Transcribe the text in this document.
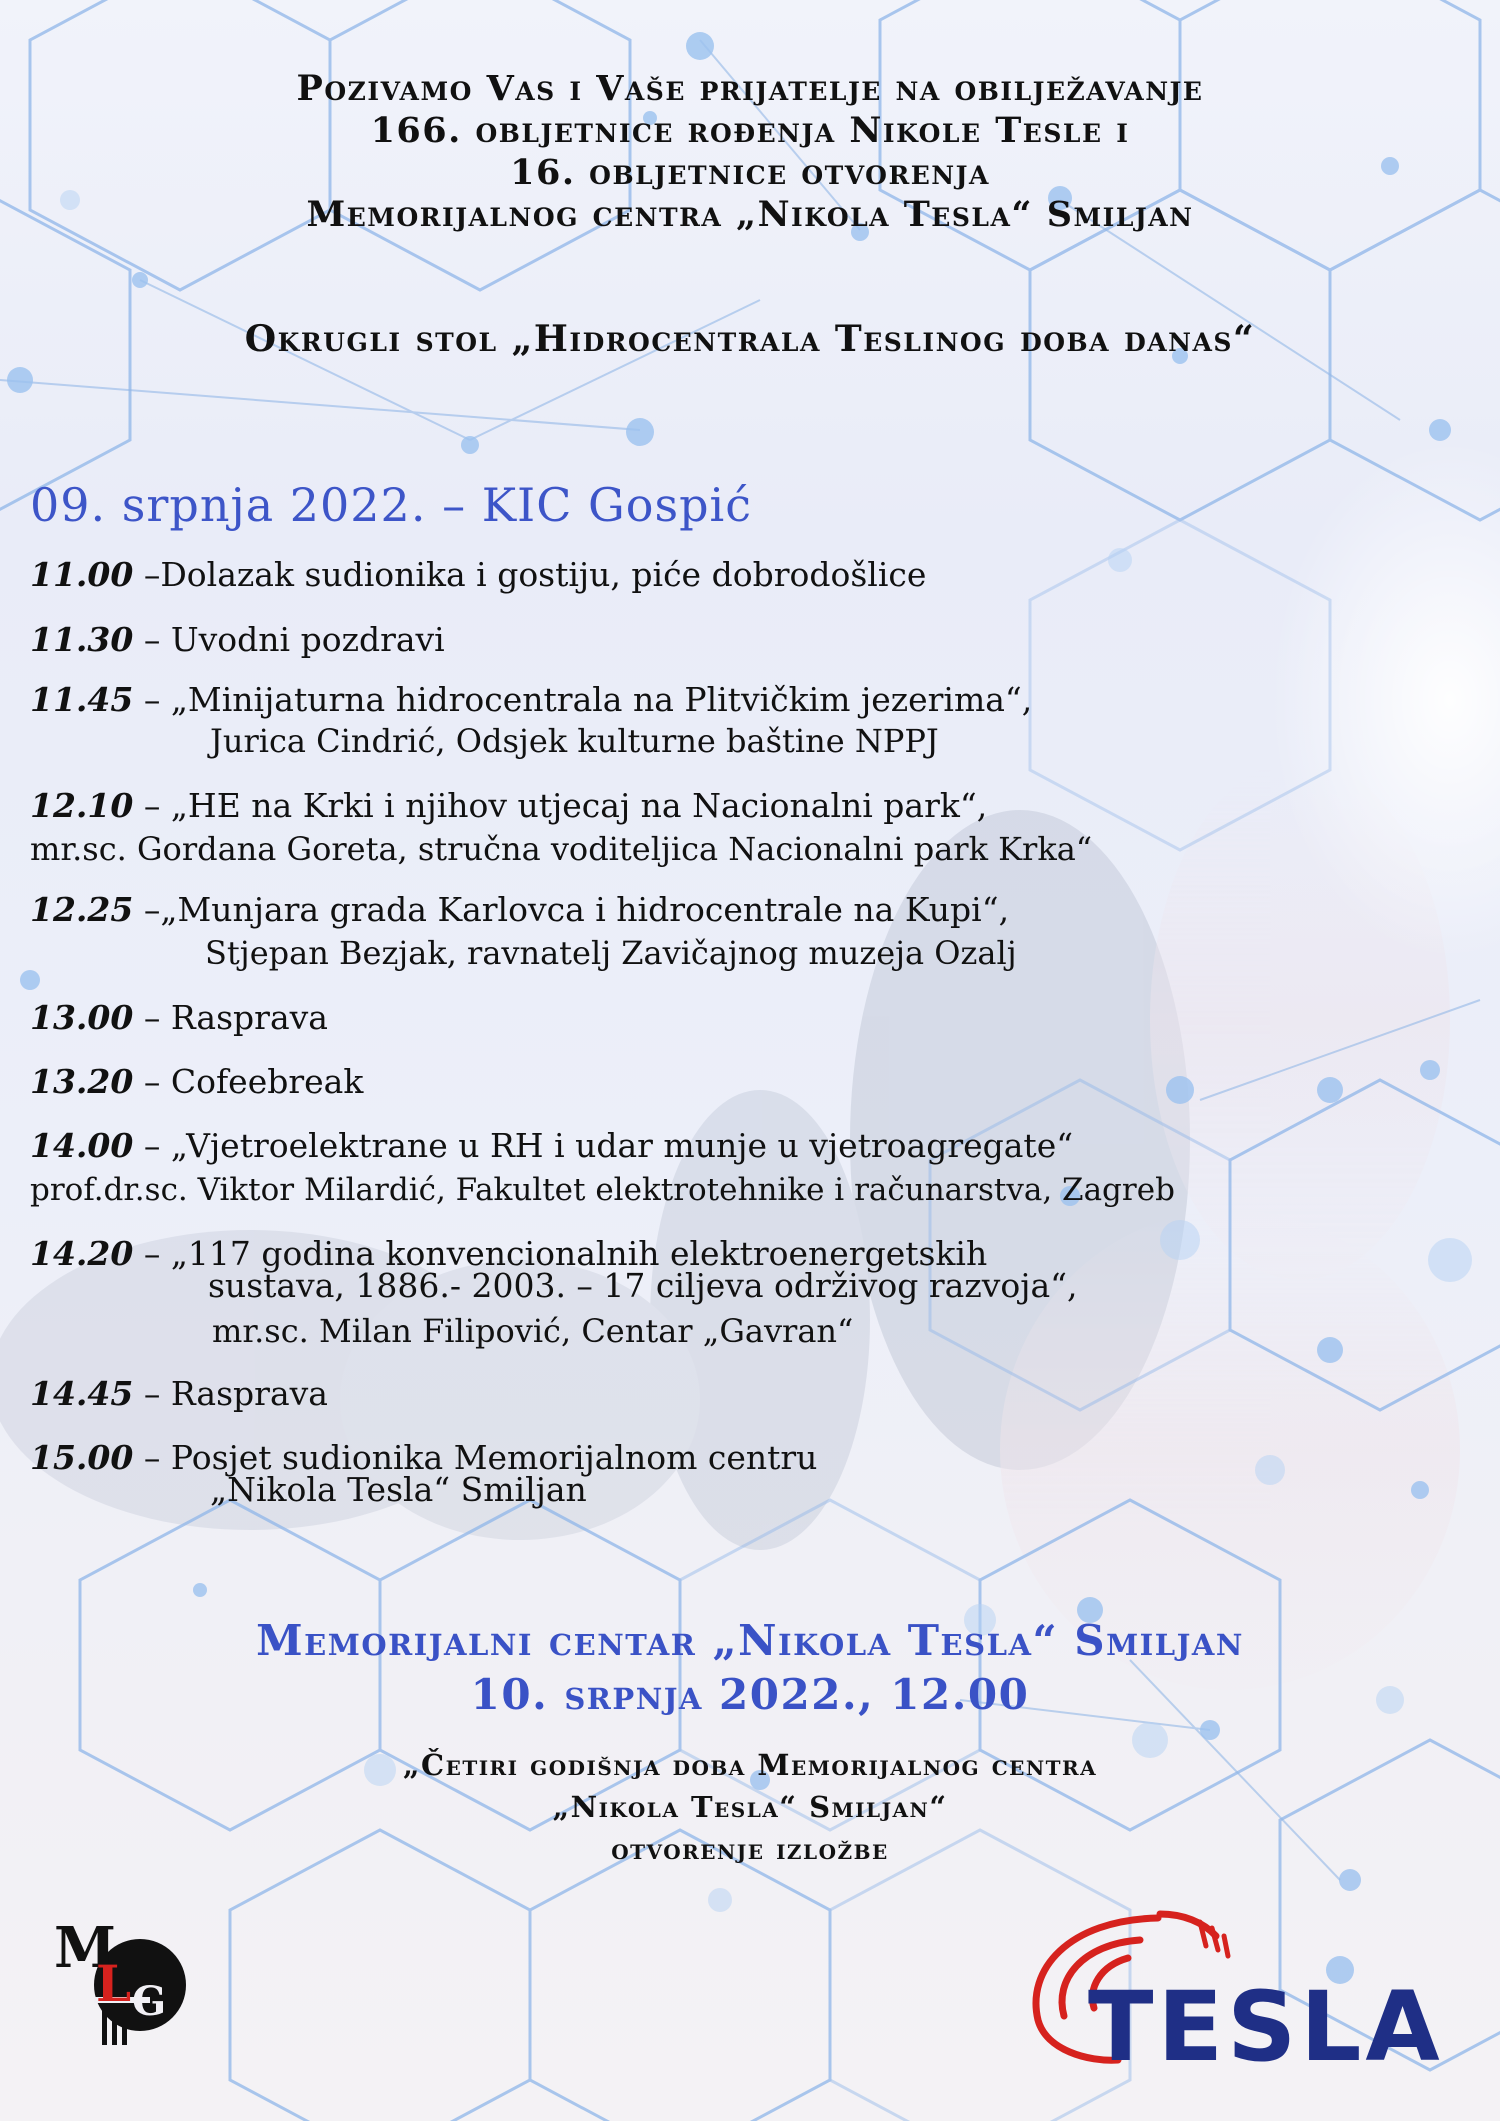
Pozivamo Vas i Vaše prijatelje na obilježavanje
166. obljetnice rođenja Nikole Tesle i
16. obljetnice otvorenja
Memorijalnog centra „Nikola Tesla“ Smiljan
Okrugli stol „Hidrocentrala Teslinog doba danas“
09. srpnja 2022. – KIC Gospić
11.00 –Dolazak sudionika i gostiju, piće dobrodošlice
11.30 – Uvodni pozdravi
11.45 – „Minijaturna hidrocentrala na Plitvičkim jezerima“,
Jurica Cindrić, Odsjek kulturne baštine NPPJ
12.10 – „HE na Krki i njihov utjecaj na Nacionalni park“,
mr.sc. Gordana Goreta, stručna voditeljica Nacionalni park Krka“
12.25 –„Munjara grada Karlovca i hidrocentrale na Kupi“,
Stjepan Bezjak, ravnatelj Zavičajnog muzeja Ozalj
13.00 – Rasprava
13.20 – Cofeebreak
14.00 – „Vjetroelektrane u RH i udar munje u vjetroagregate“
prof.dr.sc. Viktor Milardić, Fakultet elektrotehnike i računarstva, Zagreb
14.20 – „117 godina konvencionalnih elektroenergetskih
sustava, 1886.- 2003. – 17 ciljeva održivog razvoja“,
mr.sc. Milan Filipović, Centar „Gavran“
14.45 – Rasprava
15.00 – Posjet sudionika Memorijalnom centru
„Nikola Tesla“ Smiljan
Memorijalni centar „Nikola Tesla“ Smiljan
10. srpnja 2022., 12.00
„Četiri godišnja doba Memorijalnog centra
„Nikola Tesla“ Smiljan“
otvorenje izložbe
M
L G	TESLA
